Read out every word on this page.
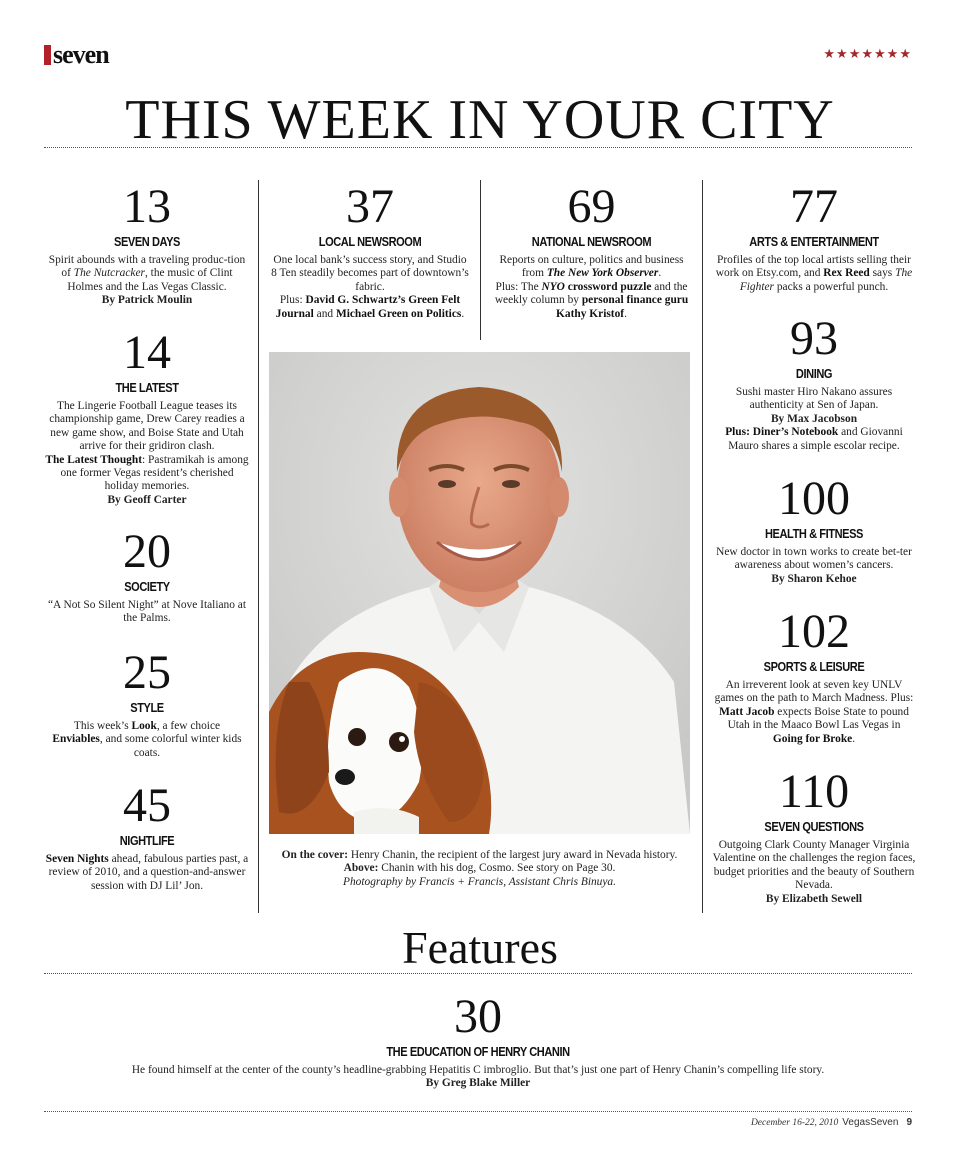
seven	★★★★★★★
THIS WEEK IN YOUR CITY
13
SEVEN DAYS
Spirit abounds with a traveling produc-tion of The Nutcracker, the music of Clint Holmes and the Las Vegas Classic.
By Patrick Moulin
14
THE LATEST
The Lingerie Football League teases its championship game, Drew Carey readies a new game show, and Boise State and Utah arrive for their gridiron clash.
The Latest Thought: Pastramikah is among one former Vegas resident’s cherished holiday memories.
By Geoff Carter
20
SOCIETY
“A Not So Silent Night” at Nove Italiano at the Palms.
25
STYLE
This week’s Look, a few choice
Enviables, and some colorful winter kids coats.
45
NIGHTLIFE
Seven Nights ahead, fabulous parties past, a review of 2010, and a question-and-answer session with DJ Lil’ Jon.
37
LOCAL NEWSROOM
One local bank’s success story, and Studio 8 Ten steadily becomes part of downtown’s fabric.
Plus: David G. Schwartz’s Green Felt Journal and Michael Green on Politics.
69
NATIONAL NEWSROOM
Reports on culture, politics and business from The New York Observer.
Plus: The NYO crossword puzzle and the weekly column by personal finance guru Kathy Kristof.
On the cover: Henry Chanin, the recipient of the largest jury award in Nevada history. Above: Chanin with his dog, Cosmo. See story on Page 30.
Photography by Francis + Francis, Assistant Chris Binuya.
77
ARTS & ENTERTAINMENT
Profiles of the top local artists selling their work on Etsy.com, and Rex Reed says The Fighter packs a powerful punch.
93
DINING
Sushi master Hiro Nakano assures authenticity at Sen of Japan.
By Max Jacobson
Plus: Diner’s Notebook and Giovanni Mauro shares a simple escolar recipe.
100
HEALTH & FITNESS
New doctor in town works to create bet-ter awareness about women’s cancers.
By Sharon Kehoe
102
SPORTS & LEISURE
An irreverent look at seven key UNLV games on the path to March Madness. Plus: Matt Jacob expects Boise State to pound Utah in the Maaco Bowl Las Vegas in Going for Broke.
110
SEVEN QUESTIONS
Outgoing Clark County Manager Virginia Valentine on the challenges the region faces, budget priorities and the beauty of Southern Nevada.
By Elizabeth Sewell
Features
30
THE EDUCATION OF HENRY CHANIN
He found himself at the center of the county’s headline-grabbing Hepatitis C imbroglio. But that’s just one part of Henry Chanin’s compelling life story.
By Greg Blake Miller
December 16-22, 2010 VegasSeven 9
